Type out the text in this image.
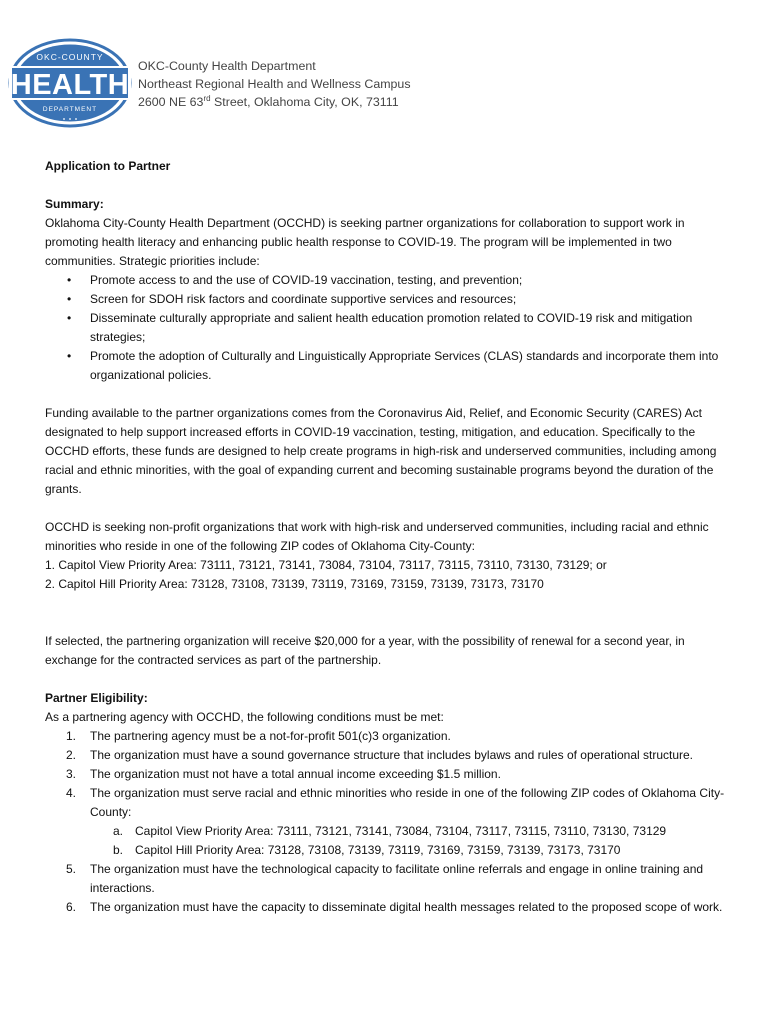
OKC-COUNTY
HEALTH
DEPARTMENT
OKC-County Health Department
Northeast Regional Health and Wellness Campus
2600 NE 63rd Street, Oklahoma City, OK, 73111

Application to Partner

Summary:

Oklahoma City-County Health Department (OCCHD) is seeking partner organizations for collaboration to support work in promoting health literacy and enhancing public health response to COVID-19. The program will be implemented in two communities. Strategic priorities include:

• Promote access to and the use of COVID-19 vaccination, testing, and prevention;
• Screen for SDOH risk factors and coordinate supportive services and resources;
• Disseminate culturally appropriate and salient health education promotion related to COVID-19 risk and mitigation strategies;
• Promote the adoption of Culturally and Linguistically Appropriate Services (CLAS) standards and incorporate them into organizational policies.

Funding available to the partner organizations comes from the Coronavirus Aid, Relief, and Economic Security (CARES) Act designated to help support increased efforts in COVID-19 vaccination, testing, mitigation, and education. Specifically to the OCCHD efforts, these funds are designed to help create programs in high-risk and underserved communities, including among racial and ethnic minorities, with the goal of expanding current and becoming sustainable programs beyond the duration of the grants.

OCCHD is seeking non-profit organizations that work with high-risk and underserved communities, including racial and ethnic minorities who reside in one of the following ZIP codes of Oklahoma City-County:

1. Capitol View Priority Area: 73111, 73121, 73141, 73084, 73104, 73117, 73115, 73110, 73130, 73129; or

2. Capitol Hill Priority Area: 73128, 73108, 73139, 73119, 73169, 73159, 73139, 73173, 73170

If selected, the partnering organization will receive $20,000 for a year, with the possibility of renewal for a second year, in exchange for the contracted services as part of the partnership.

Partner Eligibility:

As a partnering agency with OCCHD, the following conditions must be met:

1. The partnering agency must be a not-for-profit 501(c)3 organization.
2. The organization must have a sound governance structure that includes bylaws and rules of operational structure.
3. The organization must not have a total annual income exceeding $1.5 million.
4. The organization must serve racial and ethnic minorities who reside in one of the following ZIP codes of Oklahoma City-County:
a. Capitol View Priority Area: 73111, 73121, 73141, 73084, 73104, 73117, 73115, 73110, 73130, 73129
b. Capitol Hill Priority Area: 73128, 73108, 73139, 73119, 73169, 73159, 73139, 73173, 73170
5. The organization must have the technological capacity to facilitate online referrals and engage in online training and interactions.
6. The organization must have the capacity to disseminate digital health messages related to the proposed scope of work.
